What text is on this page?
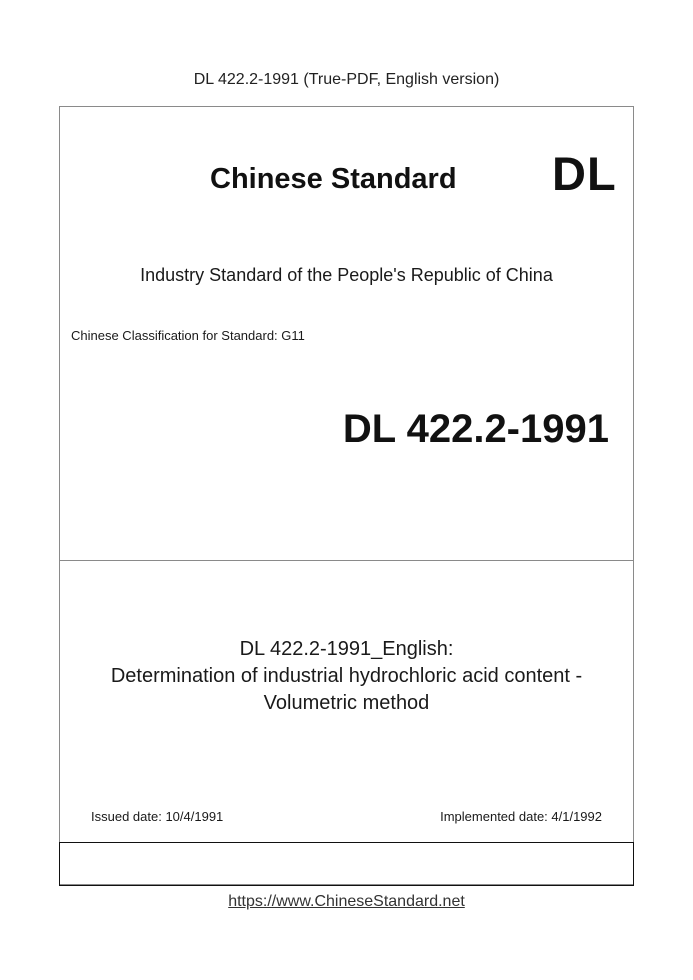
DL 422.2-1991 (True-PDF, English version)
Chinese Standard DL
Industry Standard of the People's Republic of China
Chinese Classification for Standard: G11
DL 422.2-1991
DL 422.2-1991_English:
Determination of industrial hydrochloric acid content -
Volumetric method
Issued date: 10/4/1991	Implemented date: 4/1/1992
https://www.ChineseStandard.net
